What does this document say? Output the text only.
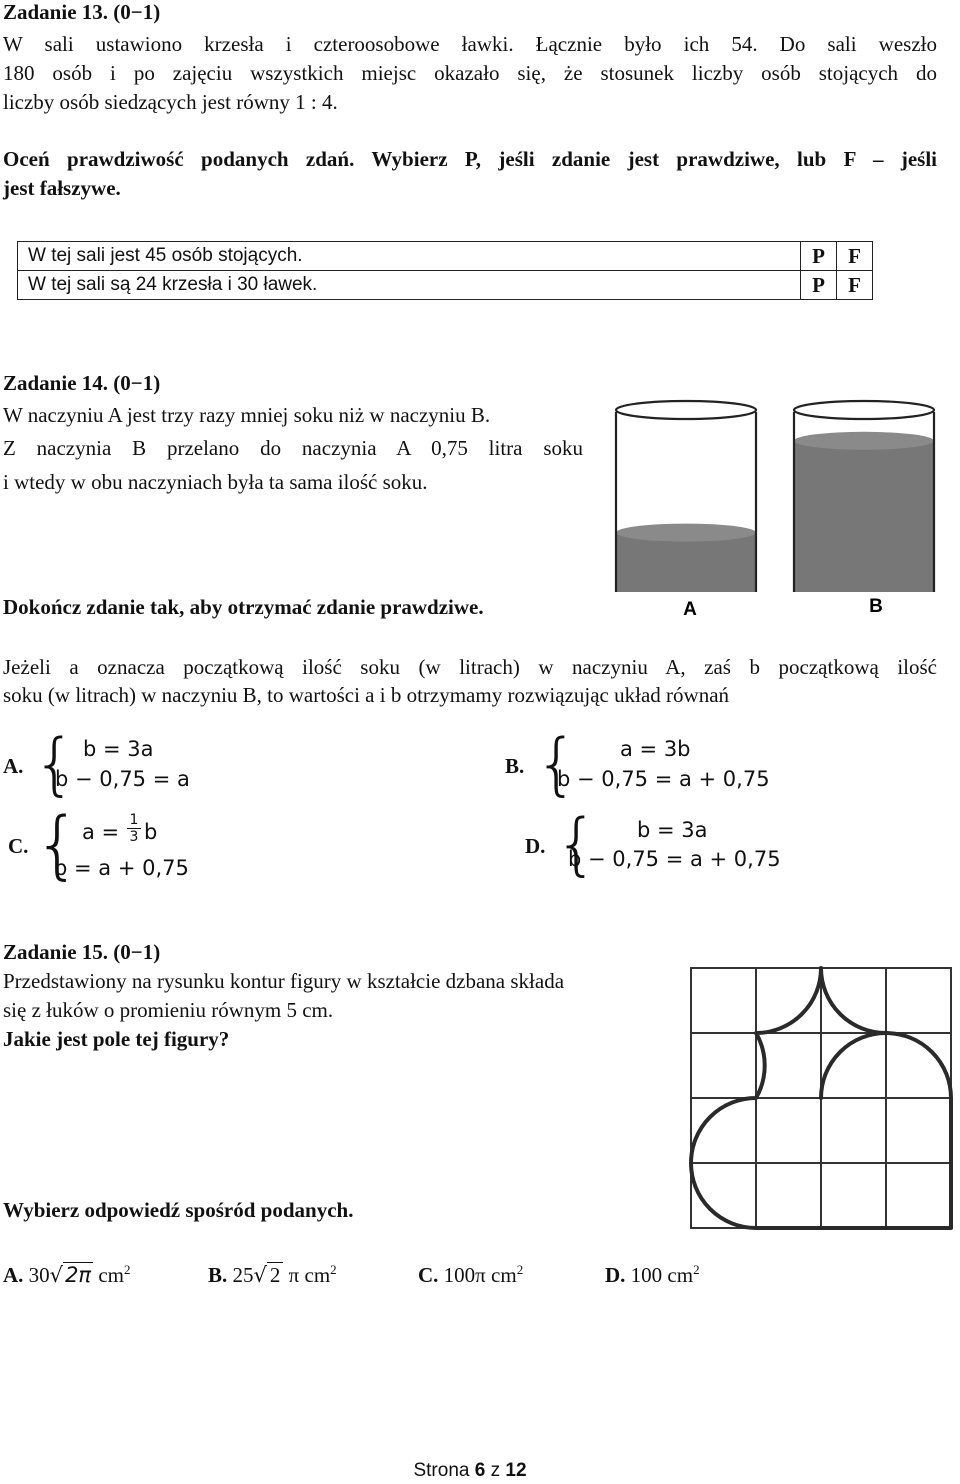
Zadanie 13. (0−1)
W sali ustawiono krzesła i czteroosobowe ławki. Łącznie było ich 54. Do sali weszło
180 osób i po zajęciu wszystkich miejsc okazało się, że stosunek liczby osób stojących do
liczby osób siedzących jest równy 1 : 4.
Oceń prawdziwość podanych zdań. Wybierz P, jeśli zdanie jest prawdziwe, lub F – jeśli
jest fałszywe.
W tej sali jest 45 osób stojących.	P	F
W tej sali są 24 krzesła i 30 ławek.	P	F
Zadanie 14. (0−1)
W naczyniu A jest trzy razy mniej soku niż w naczyniu B.
Z naczynia B przelano do naczynia A 0,75 litra soku
i wtedy w obu naczyniach była ta sama ilość soku.
Dokończ zdanie tak, aby otrzymać zdanie prawdziwe.	A	B
Jeżeli a oznacza początkową ilość soku (w litrach) w naczyniu A, zaś b początkową ilość
soku (w litrach) w naczyniu B, to wartości a i b otrzymamy rozwiązując układ równań
A. { b = 3a
b − 0,75 = a
B. { a = 3b
b − 0,75 = a + 0,75
C. { $a = \frac{1}{3}$ b
b = a + 0,75
D. { b = 3a
b − 0,75 = a + 0,75
Zadanie 15. (0−1)
Przedstawiony na rysunku kontur figury w kształcie dzbana składa
się z łuków o promieniu równym 5 cm.
Jakie jest pole tej figury?
Wybierz odpowiedź spośród podanych.
A. 30√2π $cm^2$	B. 25√ 2 π $cm^2$	C. 100π $cm^2$	D. 100 $cm^2$
Strona 6 z 12
